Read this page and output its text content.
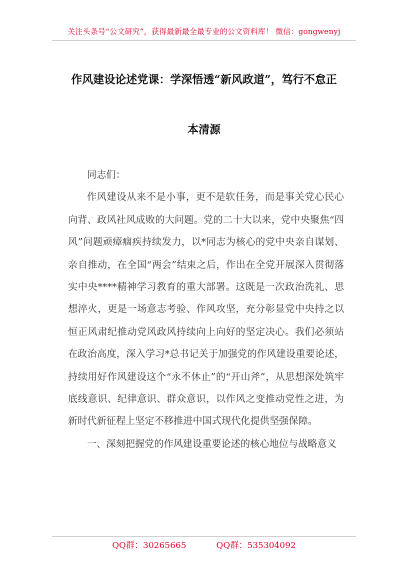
关注头条号“公文研究”，获得最新最全最专业的公文资料库！ 微信：gongwenyj
作风建设论述党课：学深悟透“新风政道”，笃行不怠正
本清源

同志们：

作风建设从来不是小事，更不是软任务，而是事关党心民心向背、政风社风成败的大问题。党的二十大以来，党中央聚焦“四风”问题顽瘴痼疾持续发力，以*同志为核心的党中央亲自谋划、亲自推动，在全国“两会”结束之后，作出在全党开展深入贯彻落实中央****精神学习教育的重大部署。这既是一次政治洗礼、思想淬火，更是一场意志考验、作风攻坚，充分彰显党中央持之以恒正风肃纪推动党风政风持续向上向好的坚定决心。我们必须站在政治高度，深入学习*总书记关于加强党的作风建设重要论述，持续用好作风建设这个“永不休止”的“开山斧”，从思想深处筑牢底线意识、纪律意识、群众意识，以作风之变推动党性之进，为新时代新征程上坚定不移推进中国式现代化提供坚强保障。

一、深刻把握党的作风建设重要论述的核心地位与战略意义

QQ群：30265665	QQ群：535304092
